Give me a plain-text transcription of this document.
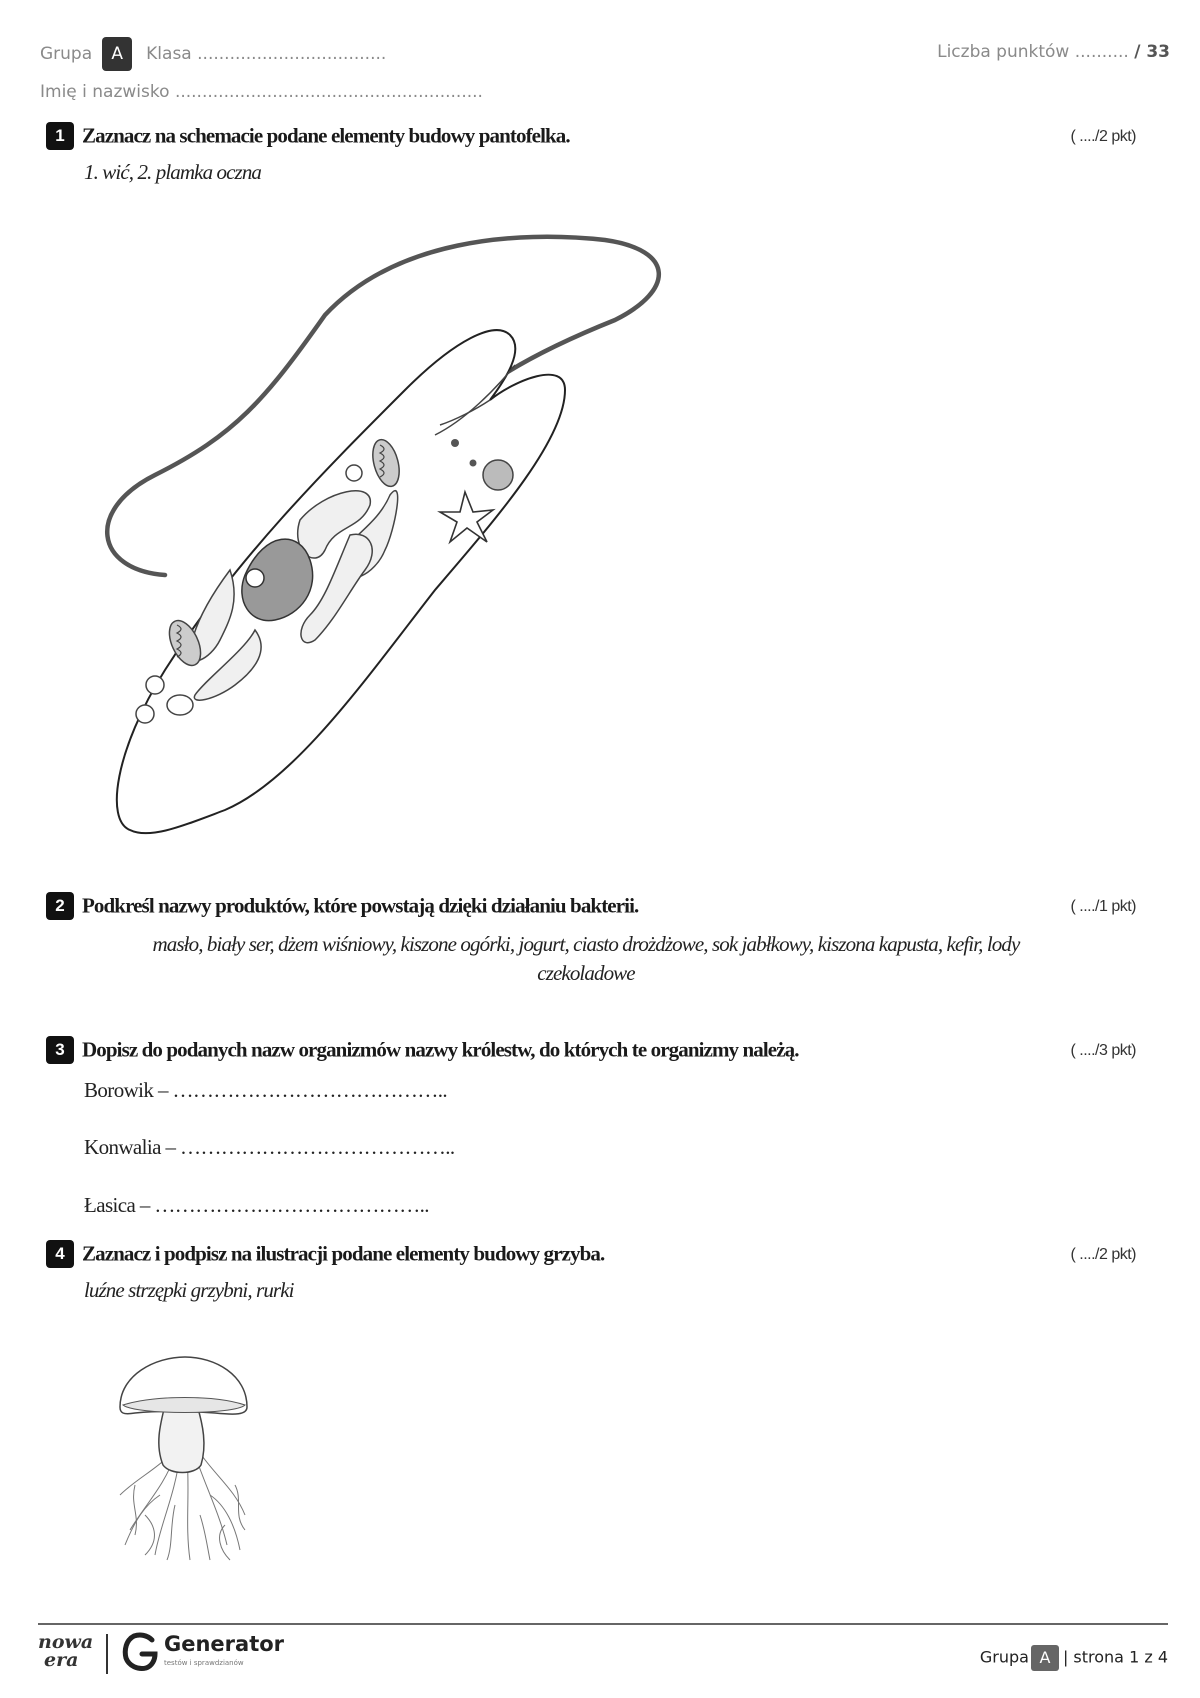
Grupa A Klasa ...................................	Liczba punktów .......... / 33
Imię i nazwisko .........................................................
1 Zaznacz na schemacie podane elementy budowy pantofelka.	( ..../2 pkt)
1. wić, 2. plamka oczna
2 Podkreśl nazwy produktów, które powstają dzięki działaniu bakterii.	( ..../1 pkt)
masło, biały ser, dżem wiśniowy, kiszone ogórki, jogurt, ciasto drożdżowe, sok jabłkowy, kiszona kapusta, kefir, lody
czekoladowe
3 Dopisz do podanych nazw organizmów nazwy królestw, do których te organizmy należą.	( ..../3 pkt)
Borowik – …………………………………..
Konwalia – …………………………………..
Łasica – …………………………………..
4 Zaznacz i podpisz na ilustracji podane elementy budowy grzyba.	( ..../2 pkt)
luźne strzępki grzybni, rurki
nowa
era
Generator
testów i sprawdzianów	Grupa A | strona 1 z 4
